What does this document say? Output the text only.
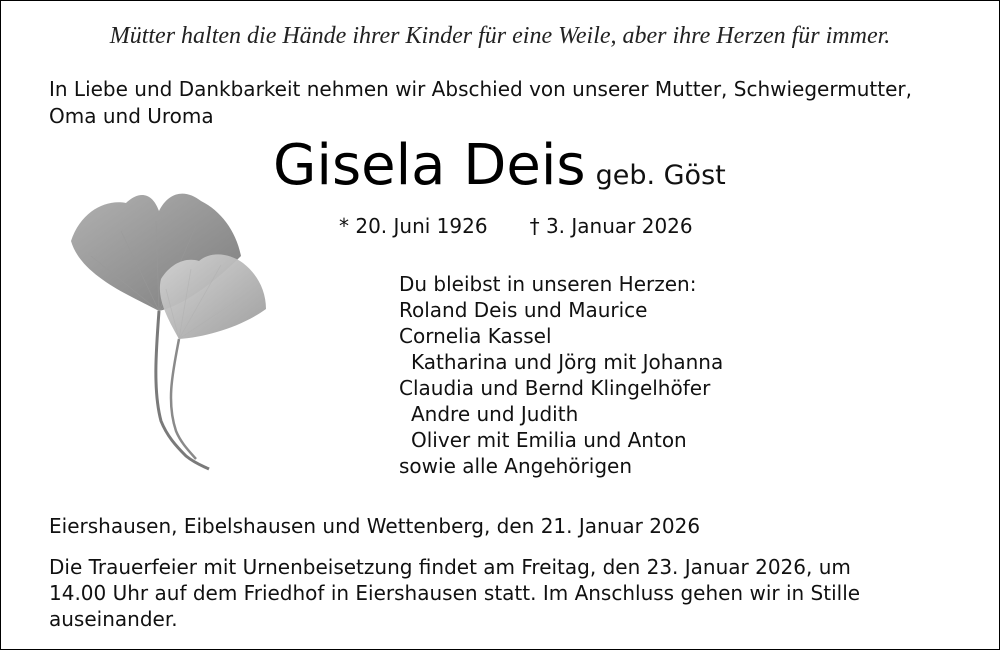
Mütter halten die Hände ihrer Kinder für eine Weile, aber ihre Herzen für immer.
In Liebe und Dankbarkeit nehmen wir Abschied von unserer Mutter, Schwiegermutter, Oma und Uroma
Gisela Deis geb. Göst
* 20. Juni 1926 † 3. Januar 2026
Du bleibst in unseren Herzen:
Roland Deis und Maurice
Cornelia Kassel
Katharina und Jörg mit Johanna
Claudia und Bernd Klingelhöfer
Andre und Judith
Oliver mit Emilia und Anton
sowie alle Angehörigen
Eiershausen, Eibelshausen und Wettenberg, den 21. Januar 2026
Die Trauerfeier mit Urnenbeisetzung findet am Freitag, den 23. Januar 2026, um 14.00 Uhr auf dem Friedhof in Eiershausen statt. Im Anschluss gehen wir in Stille auseinander.
